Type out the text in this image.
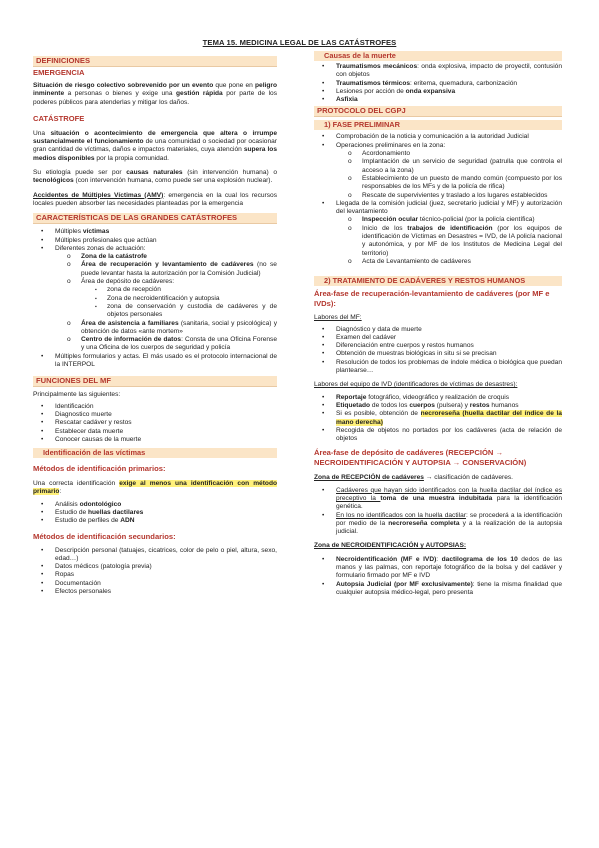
TEMA 15. MEDICINA LEGAL DE LAS CATÁSTROFES
DEFINICIONES
EMERGENCIA

Situación de riesgo colectivo sobrevenido por un evento que pone en peligro inminente a personas o bienes y exige una gestión rápida por parte de los poderes públicos para atenderlas y mitigar los daños.

CATÁSTROFE

Una situación o acontecimiento de emergencia que altera o irrumpe sustancialmente el funcionamiento de una comunidad o sociedad por ocasionar gran cantidad de víctimas, daños e impactos materiales, cuya atención supera los medios disponibles por la propia comunidad.

Su etiología puede ser por causas naturales (sin intervención humana) o tecnológicos (con intervención humana, como puede ser una explosión nuclear).

Accidentes de Múltiples Víctimas (AMV): emergencia en la cual los recursos locales pueden absorber las necesidades planteadas por la emergencia

CARACTERÍSTICAS DE LAS GRANDES CATÁSTROFES
• Múltiples víctimas
• Múltiples profesionales que actúan
• Diferentes zonas de actuación:
o Zona de la catástrofe
o Área de recuperación y levantamiento de cadáveres (no se puede levantar hasta la autorización por la Comisión Judicial)
o Área de depósito de cadáveres:
▪ zona de recepción
▪ Zona de necroidentificación y autopsia
▪ zona de conservación y custodia de cadáveres y de objetos personales
o Área de asistencia a familiares (sanitaria, social y psicológica) y obtención de datos «ante mortem»
o Centro de información de datos: Consta de una Oficina Forense y una Oficina de los cuerpos de seguridad y policía
• Múltiples formularios y actas. El más usado es el protocolo internacional de la INTERPOL
FUNCIONES DEL MF

Principalmente las siguientes:

• Identificación
• Diagnostico muerte
• Rescatar cadáver y restos
• Establecer data muerte
• Conocer causas de la muerte
Identificación de las víctimas
Métodos de identificación primarios:

Una correcta identificación exige al menos una identificación con método primario:

• Análisis odontológico
• Estudio de huellas dactilares
• Estudio de perfiles de ADN
Métodos de identificación secundarios:
• Descripción personal (tatuajes, cicatrices, color de pelo o piel, altura, sexo, edad…)
• Datos médicos (patología previa)
• Ropas
• Documentación
• Efectos personales
Causas de la muerte
• Traumatismos mecánicos: onda explosiva, impacto de proyectil, contusión con objetos
• Traumatismos térmicos: eritema, quemadura, carbonización
• Lesiones por acción de onda expansiva
• Asfixia
PROTOCOLO DEL CGPJ
1) FASE PRELIMINAR
• Comprobación de la noticia y comunicación a la autoridad Judicial
• Operaciones preliminares en la zona:
o Acordonamiento
o Implantación de un servicio de seguridad (patrulla que controla el acceso a la zona)
o Establecimiento de un puesto de mando común (compuesto por los responsables de los MFs y de la policía de rifica)
o Rescate de supervivientes y traslado a los lugares establecidos
• Llegada de la comisión judicial (juez, secretario judicial y MF) y autorización del levantamiento
o Inspección ocular técnico-policial (por la policía científica)
o Inicio de los trabajos de identificación (por los equipos de identificación de Víctimas en Desastres = IVD, de IA policía nacional y autonómica, y por MF de los Institutos de Medicina Legal del territorio)
o Acta de Levantamiento de cadáveres
2) TRATAMIENTO DE CADÁVERES Y RESTOS HUMANOS
Área-fase de recuperación-levantamiento de cadáveres (por MF e IVDs):

Labores del MF:

• Diagnóstico y data de muerte
• Examen del cadáver
• Diferenciación entre cuerpos y restos humanos
• Obtención de muestras biológicas in situ si se precisan
• Resolución de todos los problemas de índole médica o biológica que puedan plantearse…

Labores del equipo de IVD (identificadores de víctimas de desastres):

• Reportaje fotográfico, videográfico y realización de croquis
• Etiquetado de todos los cuerpos (pulsera) y restos humanos
• Si es posible, obtención de necroreseña (huella dactilar del índice de la mano derecha)
• Recogida de objetos no portados por los cadáveres (acta de relación de objetos
Área-fase de depósito de cadáveres (RECEPCIÓN → NECROIDENTIFICACIÓN Y AUTOPSIA → CONSERVACIÓN)

Zona de RECEPCIÓN de cadáveres → clasificación de cadáveres.

• Cadáveres que hayan sido identificados con la huella dactilar del índice es preceptivo la toma de una muestra indubitada para la identificación genética.
• En los no identificados con la huella dactilar: se procederá a la identificación por medio de la necroreseña completa y a la realización de la autopsia judicial.

Zona de NECROIDENTIFICACIÓN y AUTOPSIAS:

• Necroidentificación (MF e IVD): dactilograma de los 10 dedos de las manos y las palmas, con reportaje fotográfico de la bolsa y del cadáver y formulario firmado por MF e IVD
• Autopsia Judicial (por MF exclusivamente): tiene la misma finalidad que cualquier autopsia médico-legal, pero presenta
